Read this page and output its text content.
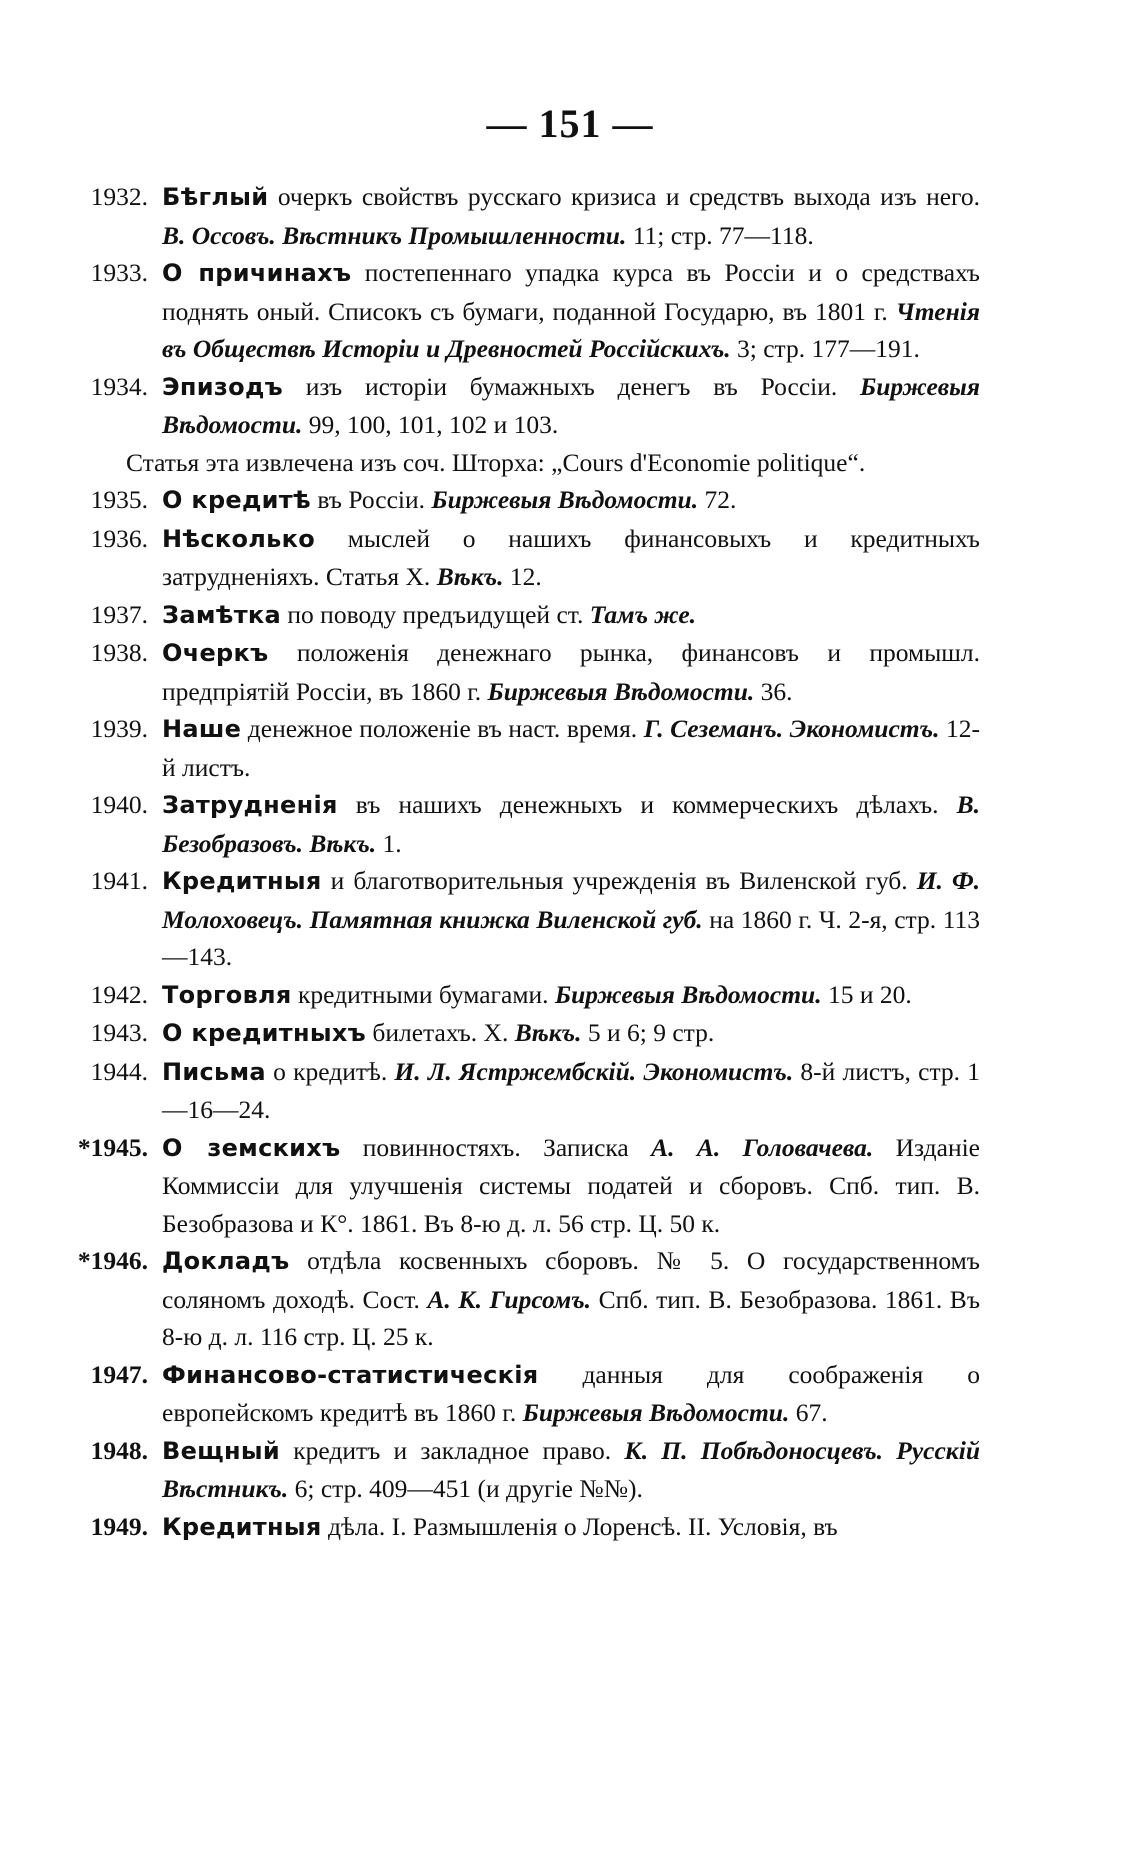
— 151 —
1932. Бѣглый очеркъ свойствъ русскаго кризиса и средствъ выхода изъ него. В. Оссовъ. Вѣстникъ Промышленности. 11; стр. 77—118.
1933. О причинахъ постепеннаго упадка курса въ Россіи и о средствахъ поднять оный. Списокъ съ бумаги, поданной Государю, въ 1801 г. Чтенія въ Обществѣ Исторіи и Древностей Россійскихъ. 3; стр. 177—191.
1934. Эпизодъ изъ исторіи бумажныхъ денегъ въ Россіи. Биржевыя Вѣдомости. 99, 100, 101, 102 и 103.
Статья эта извлечена изъ соч. Шторха: „Cours d'Economie politique“.
1935. О кредитѣ въ Россіи. Биржевыя Вѣдомости. 72.
1936. Нѣсколько мыслей о нашихъ финансовыхъ и кредитныхъ затрудненіяхъ. Статья X. Вѣкъ. 12.
1937. Замѣтка по поводу предъидущей ст. Тамъ же.
1938. Очеркъ положенія денежнаго рынка, финансовъ и промышл. предпріятій Россіи, въ 1860 г. Биржевыя Вѣдомости. 36.
1939. Наше денежное положеніе въ наст. время. Г. Сеземанъ. Экономистъ. 12-й листъ.
1940. Затрудненія въ нашихъ денежныхъ и коммерческихъ дѣлахъ. В. Безобразовъ. Вѣкъ. 1.
1941. Кредитныя и благотворительныя учрежденія въ Виленской губ. И. Ф. Молоховецъ. Памятная книжка Виленской губ. на 1860 г. Ч. 2-я, стр. 113—143.
1942. Торговля кредитными бумагами. Биржевыя Вѣдомости. 15 и 20.
1943. О кредитныхъ билетахъ. X. Вѣкъ. 5 и 6; 9 стр.
1944. Письма о кредитѣ. И. Л. Ястржембскій. Экономистъ. 8-й листъ, стр. 1—16—24.
*1945. О земскихъ повинностяхъ. Записка А. А. Головачева. Изданіе Коммиссіи для улучшенія системы податей и сборовъ. Спб. тип. В. Безобразова и К°. 1861. Въ 8-ю д. л. 56 стр. Ц. 50 к.
*1946. Докладъ отдѣла косвенныхъ сборовъ. № 5. О государственномъ соляномъ доходѣ. Сост. А. К. Гирсомъ. Спб. тип. В. Безобразова. 1861. Въ 8-ю д. л. 116 стр. Ц. 25 к.
1947. Финансово-статистическія данныя для соображенія о европейскомъ кредитѣ въ 1860 г. Биржевыя Вѣдомости. 67.
1948. Вещный кредитъ и закладное право. К. П. Побѣдоносцевъ. Русскій Вѣстникъ. 6; стр. 409—451 (и другіе №№).
1949. Кредитныя дѣла. I. Размышленія о Лоренсѣ. II. Условія, въ
